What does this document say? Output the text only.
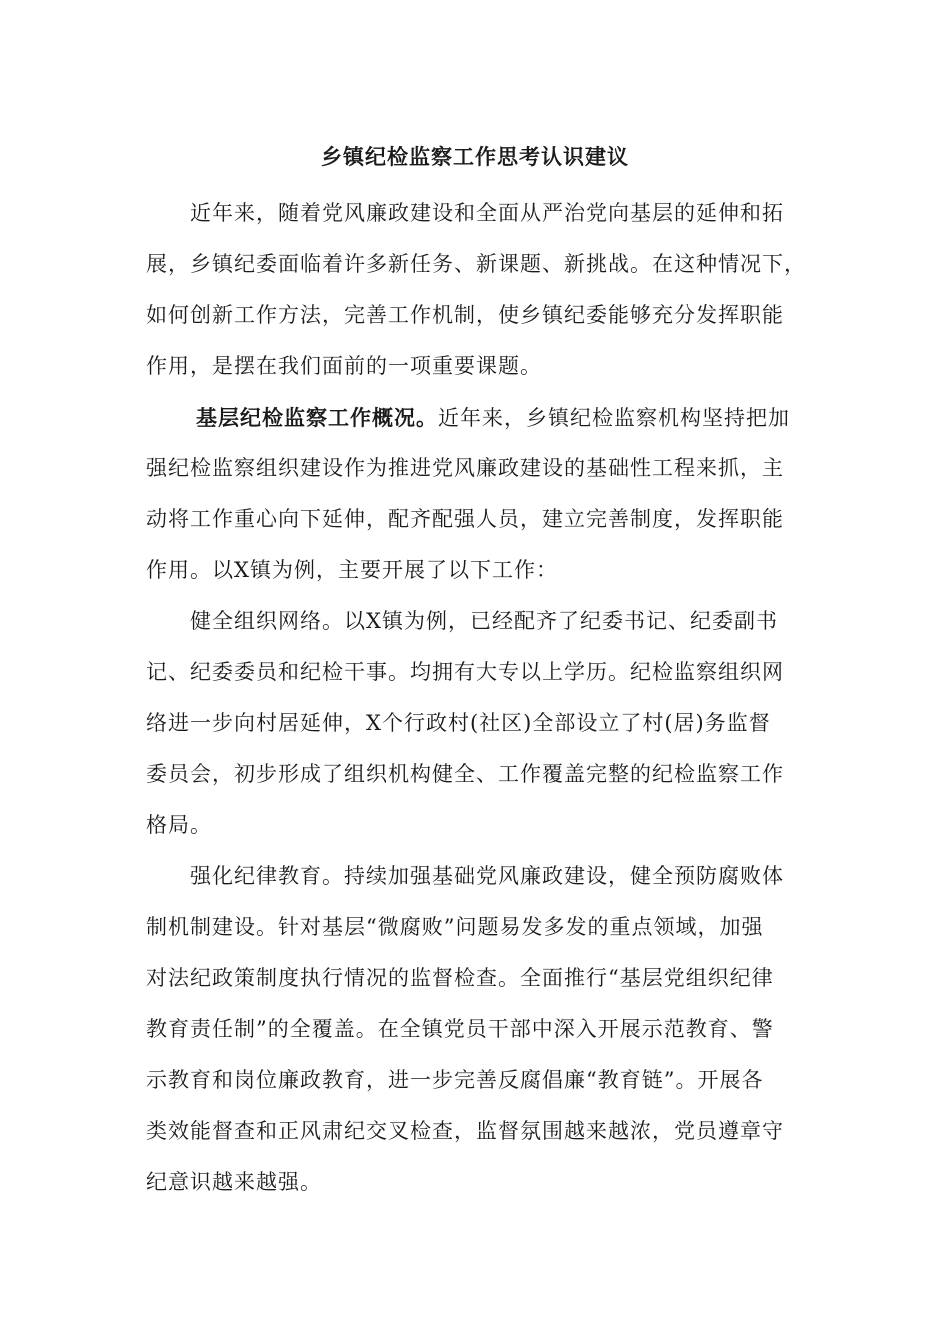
乡镇纪检监察工作思考认识建议
　　近年来，随着党风廉政建设和全面从严治党向基层的延伸和拓
展，乡镇纪委面临着许多新任务、新课题、新挑战。在这种情况下，
如何创新工作方法，完善工作机制，使乡镇纪委能够充分发挥职能
作用，是摆在我们面前的一项重要课题。
基层纪检监察工作概况。近年来，乡镇纪检监察机构坚持把加
强纪检监察组织建设作为推进党风廉政建设的基础性工程来抓，主
动将工作重心向下延伸，配齐配强人员，建立完善制度，发挥职能
作用。以X镇为例，主要开展了以下工作：
　　健全组织网络。以X镇为例，已经配齐了纪委书记、纪委副书
记、纪委委员和纪检干事。均拥有大专以上学历。纪检监察组织网
络进一步向村居延伸，X个行政村(社区)全部设立了村(居)务监督
委员会，初步形成了组织机构健全、工作覆盖完整的纪检监察工作
格局。
　　强化纪律教育。持续加强基础党风廉政建设，健全预防腐败体
制机制建设。针对基层“微腐败”问题易发多发的重点领域，加强
对法纪政策制度执行情况的监督检查。全面推行“基层党组织纪律
教育责任制”的全覆盖。在全镇党员干部中深入开展示范教育、警
示教育和岗位廉政教育，进一步完善反腐倡廉“教育链”。开展各
类效能督查和正风肃纪交叉检查，监督氛围越来越浓，党员遵章守
纪意识越来越强。
